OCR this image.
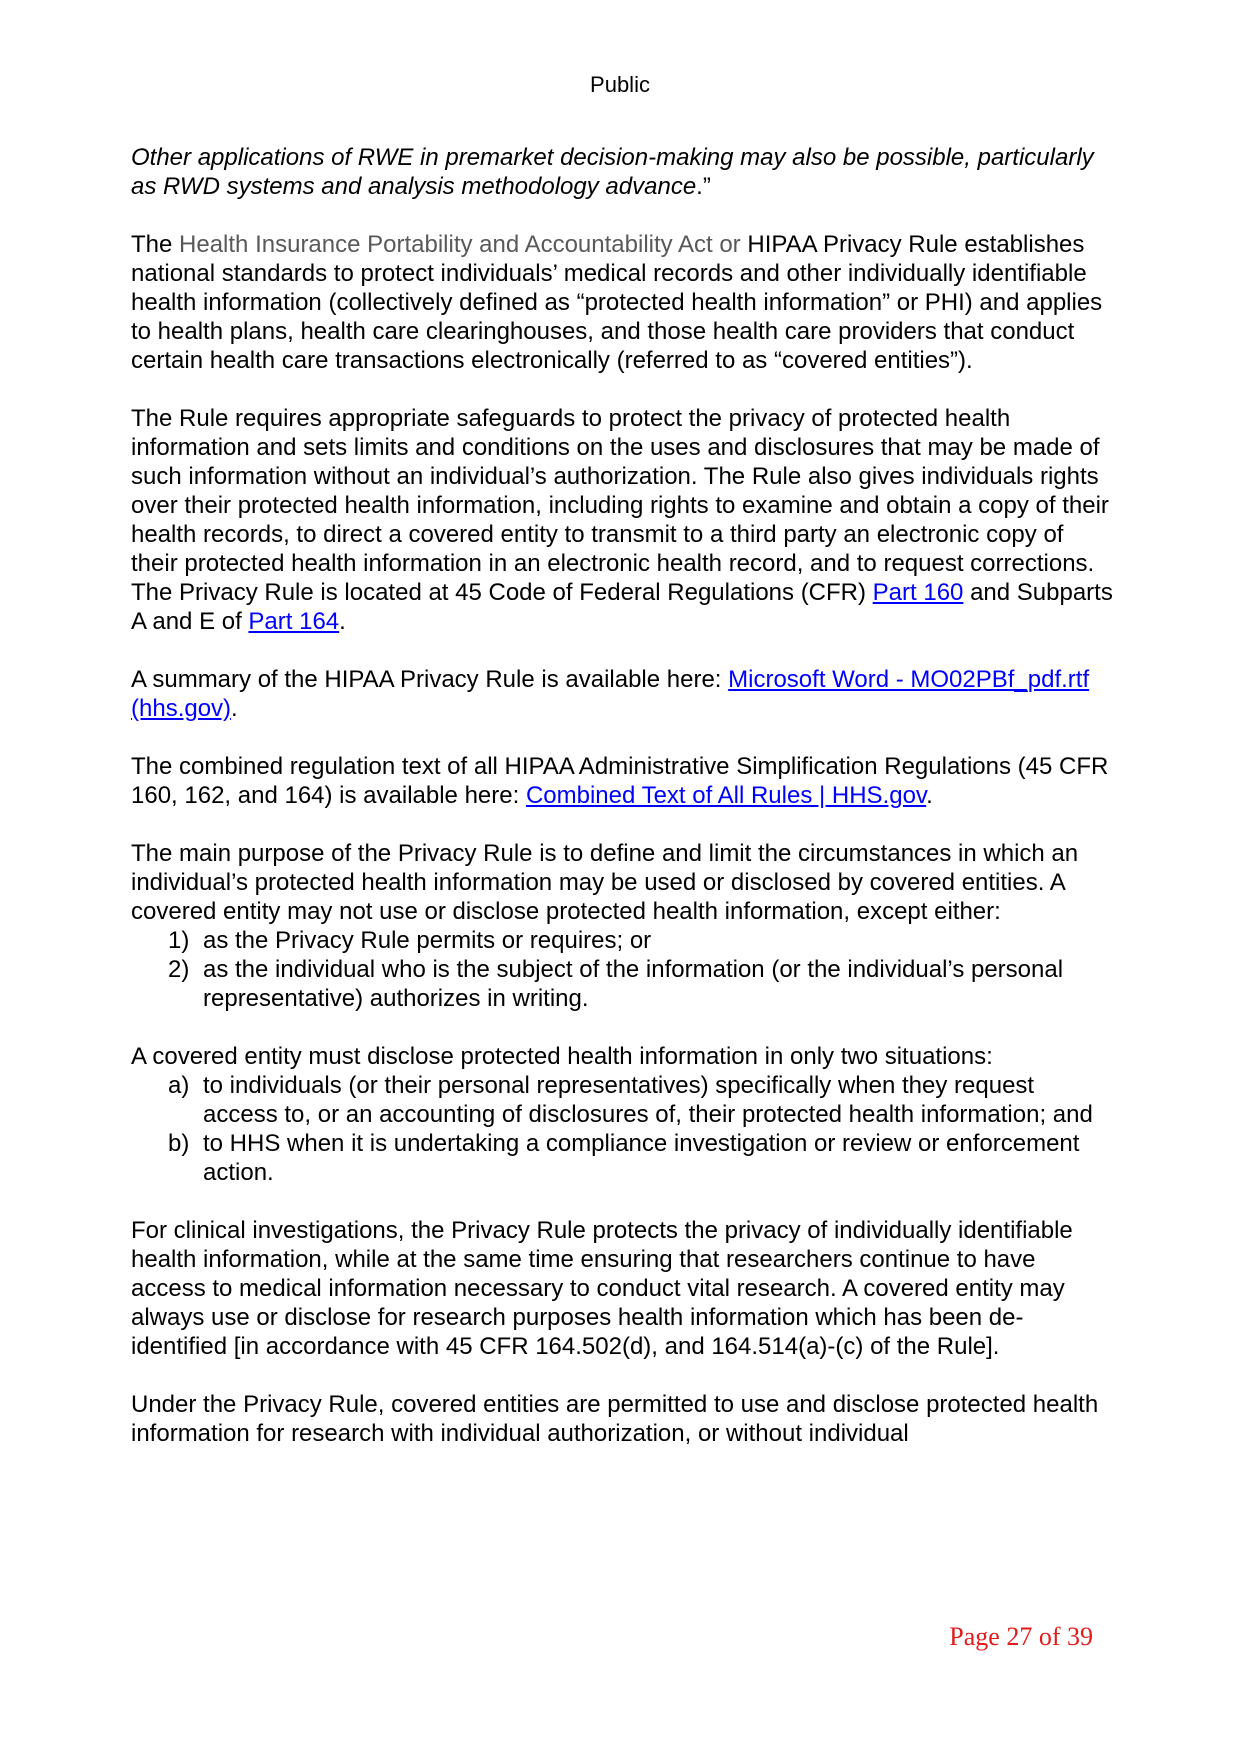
Public
Other applications of RWE in premarket decision-making may also be possible, particularly as RWD systems and analysis methodology advance.”
The Health Insurance Portability and Accountability Act or HIPAA Privacy Rule establishes national standards to protect individuals’ medical records and other individually identifiable health information (collectively defined as “protected health information” or PHI) and applies to health plans, health care clearinghouses, and those health care providers that conduct certain health care transactions electronically (referred to as “covered entities”).
The Rule requires appropriate safeguards to protect the privacy of protected health information and sets limits and conditions on the uses and disclosures that may be made of such information without an individual’s authorization. The Rule also gives individuals rights over their protected health information, including rights to examine and obtain a copy of their health records, to direct a covered entity to transmit to a third party an electronic copy of their protected health information in an electronic health record, and to request corrections.
The Privacy Rule is located at 45 Code of Federal Regulations (CFR) Part 160 and Subparts A and E of Part 164.
A summary of the HIPAA Privacy Rule is available here: Microsoft Word - MO02PBf_pdf.rtf (hhs.gov).
The combined regulation text of all HIPAA Administrative Simplification Regulations (45 CFR 160, 162, and 164) is available here: Combined Text of All Rules | HHS.gov.
The main purpose of the Privacy Rule is to define and limit the circumstances in which an individual’s protected health information may be used or disclosed by covered entities. A covered entity may not use or disclose protected health information, except either:
1) as the Privacy Rule permits or requires; or
2) as the individual who is the subject of the information (or the individual’s personal representative) authorizes in writing.
A covered entity must disclose protected health information in only two situations:
a) to individuals (or their personal representatives) specifically when they request access to, or an accounting of disclosures of, their protected health information; and
b) to HHS when it is undertaking a compliance investigation or review or enforcement action.
For clinical investigations, the Privacy Rule protects the privacy of individually identifiable health information, while at the same time ensuring that researchers continue to have access to medical information necessary to conduct vital research. A covered entity may always use or disclose for research purposes health information which has been de-identified [in accordance with 45 CFR 164.502(d), and 164.514(a)-(c) of the Rule].
Under the Privacy Rule, covered entities are permitted to use and disclose protected health information for research with individual authorization, or without individual
Page 27 of 39
